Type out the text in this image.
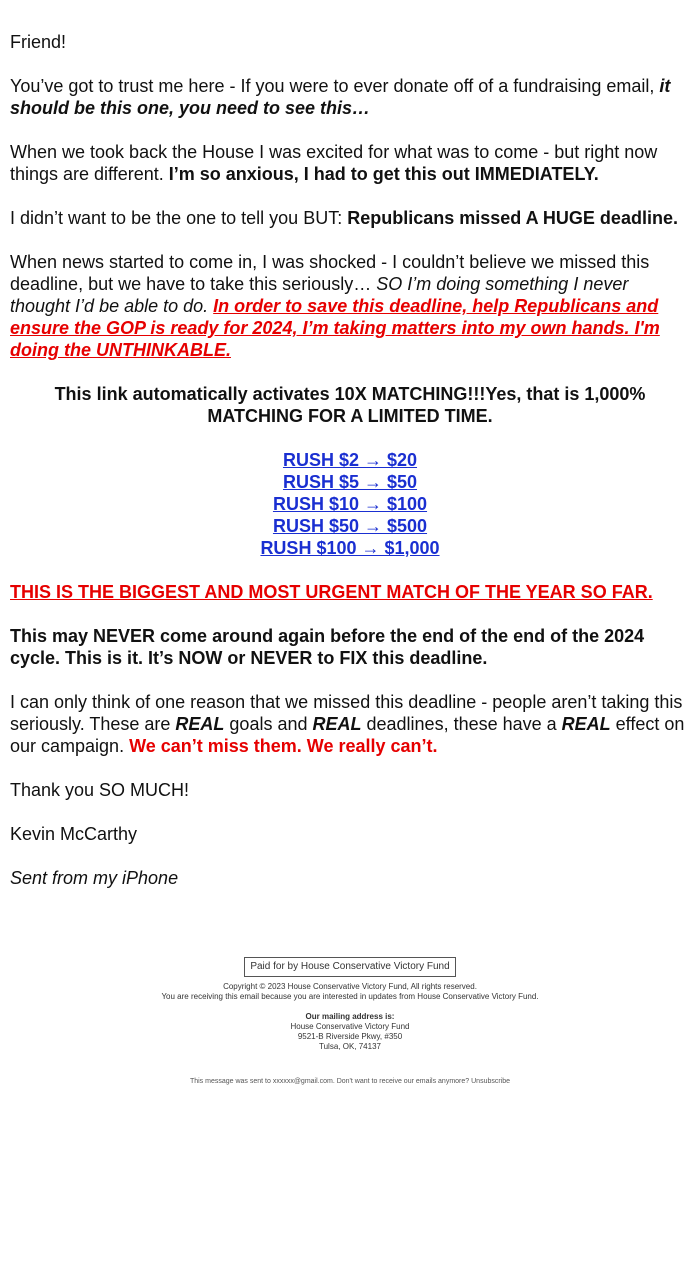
Friend!

You’ve got to trust me here - If you were to ever donate off of a fundraising email, it should be this one, you need to see this…

When we took back the House I was excited for what was to come - but right now things are different. I’m so anxious, I had to get this out IMMEDIATELY.

I didn’t want to be the one to tell you BUT: Republicans missed A HUGE deadline.

When news started to come in, I was shocked - I couldn’t believe we missed this deadline, but we have to take this seriously… SO I’m doing something I never thought I’d be able to do. In order to save this deadline, help Republicans and ensure the GOP is ready for 2024, I’m taking matters into my own hands. I'm doing the UNTHINKABLE.

This link automatically activates 10X MATCHING!!!Yes, that is 1,000% MATCHING FOR A LIMITED TIME.

RUSH $2 → $20
RUSH $5 → $50
RUSH $10 → $100
RUSH $50 → $500
RUSH $100 → $1,000

THIS IS THE BIGGEST AND MOST URGENT MATCH OF THE YEAR SO FAR.

This may NEVER come around again before the end of the end of the 2024 cycle. This is it. It’s NOW or NEVER to FIX this deadline.

I can only think of one reason that we missed this deadline - people aren’t taking this seriously. These are REAL goals and REAL deadlines, these have a REAL effect on our campaign. We can’t miss them. We really can’t.

Thank you SO MUCH!

Kevin McCarthy

Sent from my iPhone

Paid for by House Conservative Victory Fund

Copyright © 2023 House Conservative Victory Fund, All rights reserved.

You are receiving this email because you are interested in updates from House Conservative Victory Fund.

Our mailing address is:

House Conservative Victory Fund

9521-B Riverside Pkwy, #350

Tulsa, OK, 74137

This message was sent to xxxxxx@gmail.com. Don't want to receive our emails anymore? Unsubscribe
